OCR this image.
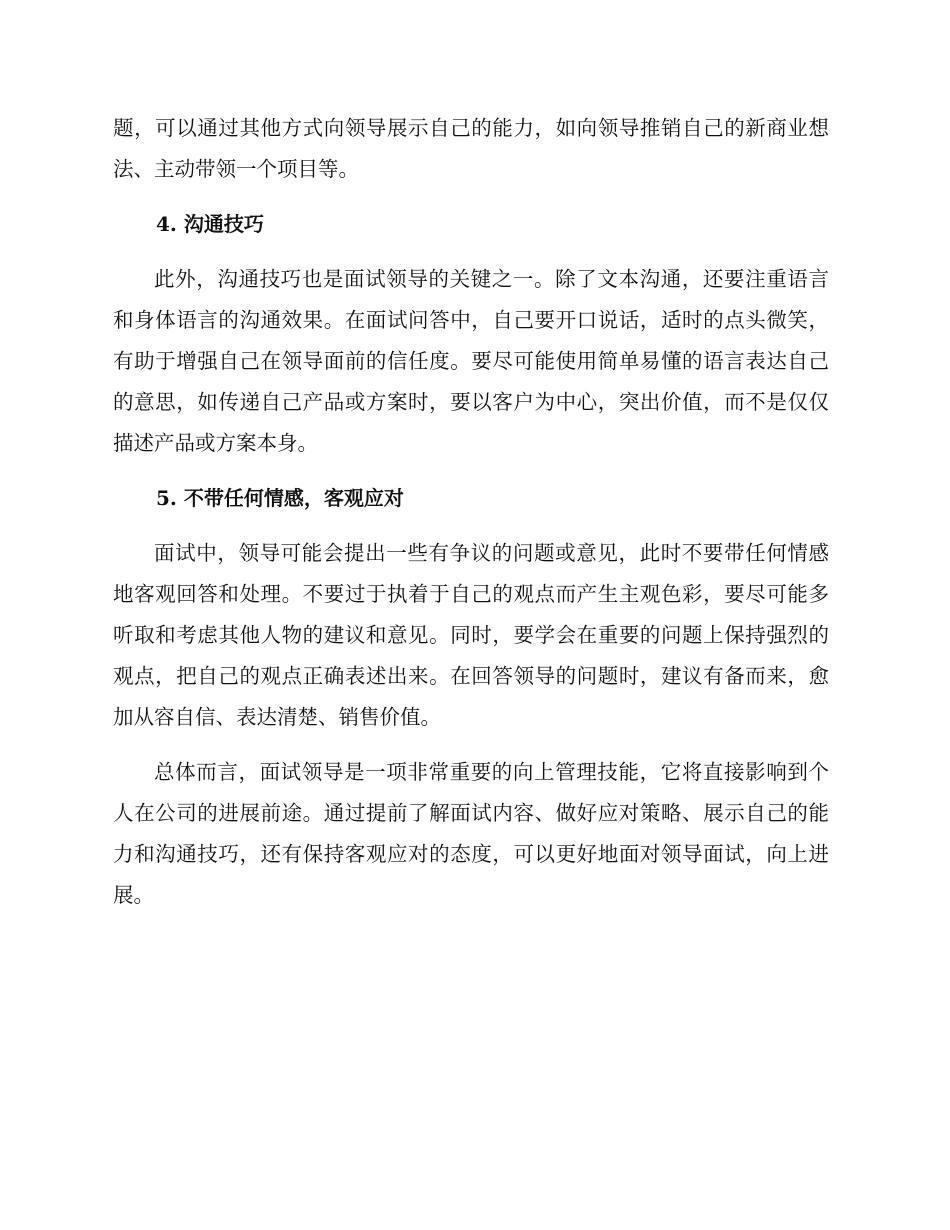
题，可以通过其他方式向领导展示自己的能力，如向领导推销自己的新商业想法、主动带领一个项目等。

4. 沟通技巧

此外，沟通技巧也是面试领导的关键之一。除了文本沟通，还要注重语言和身体语言的沟通效果。在面试问答中，自己要开口说话，适时的点头微笑，有助于增强自己在领导面前的信任度。要尽可能使用简单易懂的语言表达自己的意思，如传递自己产品或方案时，要以客户为中心，突出价值，而不是仅仅描述产品或方案本身。

5. 不带任何情感，客观应对

面试中，领导可能会提出一些有争议的问题或意见，此时不要带任何情感地客观回答和处理。不要过于执着于自己的观点而产生主观色彩，要尽可能多听取和考虑其他人物的建议和意见。同时，要学会在重要的问题上保持强烈的观点，把自己的观点正确表述出来。在回答领导的问题时，建议有备而来，愈加从容自信、表达清楚、销售价值。

总体而言，面试领导是一项非常重要的向上管理技能，它将直接影响到个人在公司的进展前途。通过提前了解面试内容、做好应对策略、展示自己的能力和沟通技巧，还有保持客观应对的态度，可以更好地面对领导面试，向上进展。
